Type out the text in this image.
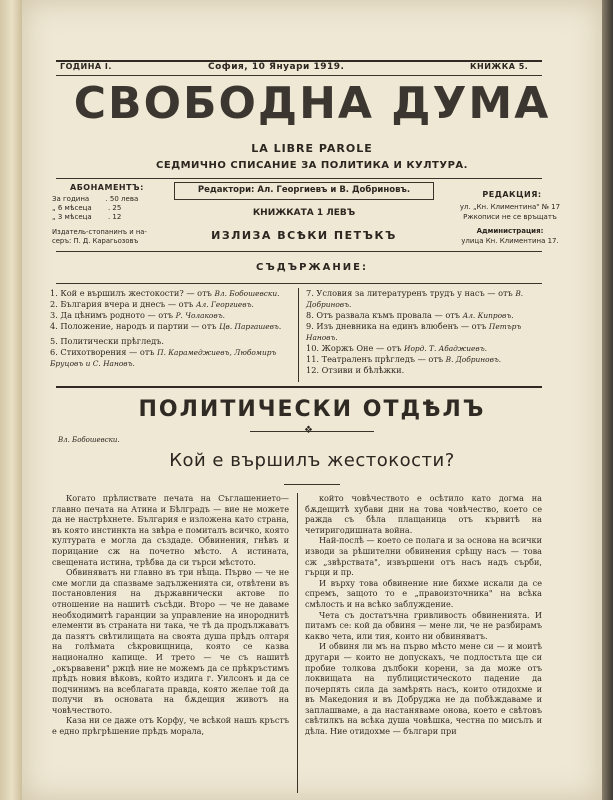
ГОДИНА I.	София, 10 Януари 1919.	КНИЖКА 5.
СВОБОДНА ДУМА
LA LIBRE PAROLE
СЕДМИЧНО СПИСАНИЕ ЗА ПОЛИТИКА И КУЛТУРА.
АБОНАМЕНТЪ:
За година . 50 лева
„ 6 мѣсеца . 25
„ 3 мѣсеца . 12
Издатель-стопанинъ и на-
серъ: П. Д. Карагьозовъ
Редактори: Ал. Георгиевъ и В. Добриновъ.
КНИЖКАТА 1 ЛЕВЪ
ИЗЛИЗА ВСѢКИ ПЕТЪКЪ
РЕДАКЦИЯ:
ул. „Кн. Климентина" № 17
Ржкописи не се връщатъ
Администрация:
улица Кн. Климентина 17.
СЪДЪРЖАНИЕ:
1. Кой е вършилъ жестокости? — отъ Вл. Бобошевски.
2. България вчера и днесъ — отъ Ал. Георгиевъ.
3. Да цѣнимъ родното — отъ Р. Чолаковъ.
4. Положение, народъ и партии — отъ Цв. Паргашевъ.
5. Политически прѣгледъ.
6. Стихотворения — отъ П. Карамеджиевъ, Любомиръ Бруцовъ и С. Нановъ.
7. Условия за литературенъ трудъ у насъ — отъ В. Добриновъ.
8. Отъ развала къмъ провала — отъ Ал. Кипровъ.
9. Изъ дневника на единъ влюбенъ — отъ Петъръ Нановъ.
10. Жоржъ Оне — отъ Иорд. Т. Абаджиевъ.
11. Театраленъ прѣгледъ — отъ В. Добриновъ.
12. Отзиви и бѣлѣжки.
ПОЛИТИЧЕСКИ ОТДѢЛЪ
❖
Вл. Бобошевски.
Кой е вършилъ жестокости?

Когато прѣлиствате печата на Съглашението—главно печата на Атина и Бѣлградъ — вие не можете да не настрѣхнете. България е изложена като страна, въ която инстинкта на звѣра е помиталъ всичко, която културата е могла да създаде. Обвинения, гнѣвъ и порицание сж на почетно мѣсто. А истината, свещената истина, трѣбва да си търси мѣстото.

Обвиняватъ ни главно въ три нѣща. Първо — че не сме могли да спазваме задълженията си, отвѣтени въ постановления на държавнически актове по отношение на нашитѣ съсѣди. Второ — че не даваме необходимитѣ гаранции за управление на инороднитѣ елементи въ страната ни така, че тѣ да продължаватъ да пазятъ свѣтилищата на своята душа прѣдъ олтаря на голѣмата сѣкровищница, която се казва национално капище. И трето — че съ нашитѣ „окървавени" ржцѣ ние не можемъ да се прѣкръстимъ прѣдъ новия вѣковъ, който издига г. Уилсонъ и да се подчинимъ на всеблагата правда, която желае той да получи въ основата на бѫдещия животъ на човѣчеството.

Каза ни се даже отъ Корфу, че всѣкой нашъ кръстъ е едно прѣгрѣшение прѣдъ морала,

който човѣчеството е осѣтило като догма на бѫдещитѣ хубави дни на това човѣчество, което се ражда съ бѣла плащаница отъ кървитѣ на четиригодишната война.

Най-послѣ — което се полага и за основа на всички изводи за рѣшителни обвинения срѣщу насъ — това сж „звѣрствата", извършени отъ насъ надъ сърби, гърци и пр.

И върху това обвинение ние бихме искали да се спремъ, защото то е „правоизточника" на всѣка смѣлость и на всѣко заблуждение.

Чета съ достатъчна гривливость обвиненията. И питамъ се: кой да обвиня — мене ли, че не разбирамъ какво чета, или тия, които ни обвиняватъ.

И обвиня ли мъ на първо мѣсто мене си — и моитѣ другари — които не допускахъ, че подлостьта ще си пробие толкова дълбоки корени, за да може отъ локвищата на публицистическото падение да почерпять сила да замѣрять насъ, които отидохме и въ Македония и въ Добруджа не да побѣждаваме и заплашваме, а да настаняваме онова, което е свѣтовъ свѣтилкъ на всѣка душа човѣшка, честна по мисълъ и дѣла. Ние отидохме — българи при
